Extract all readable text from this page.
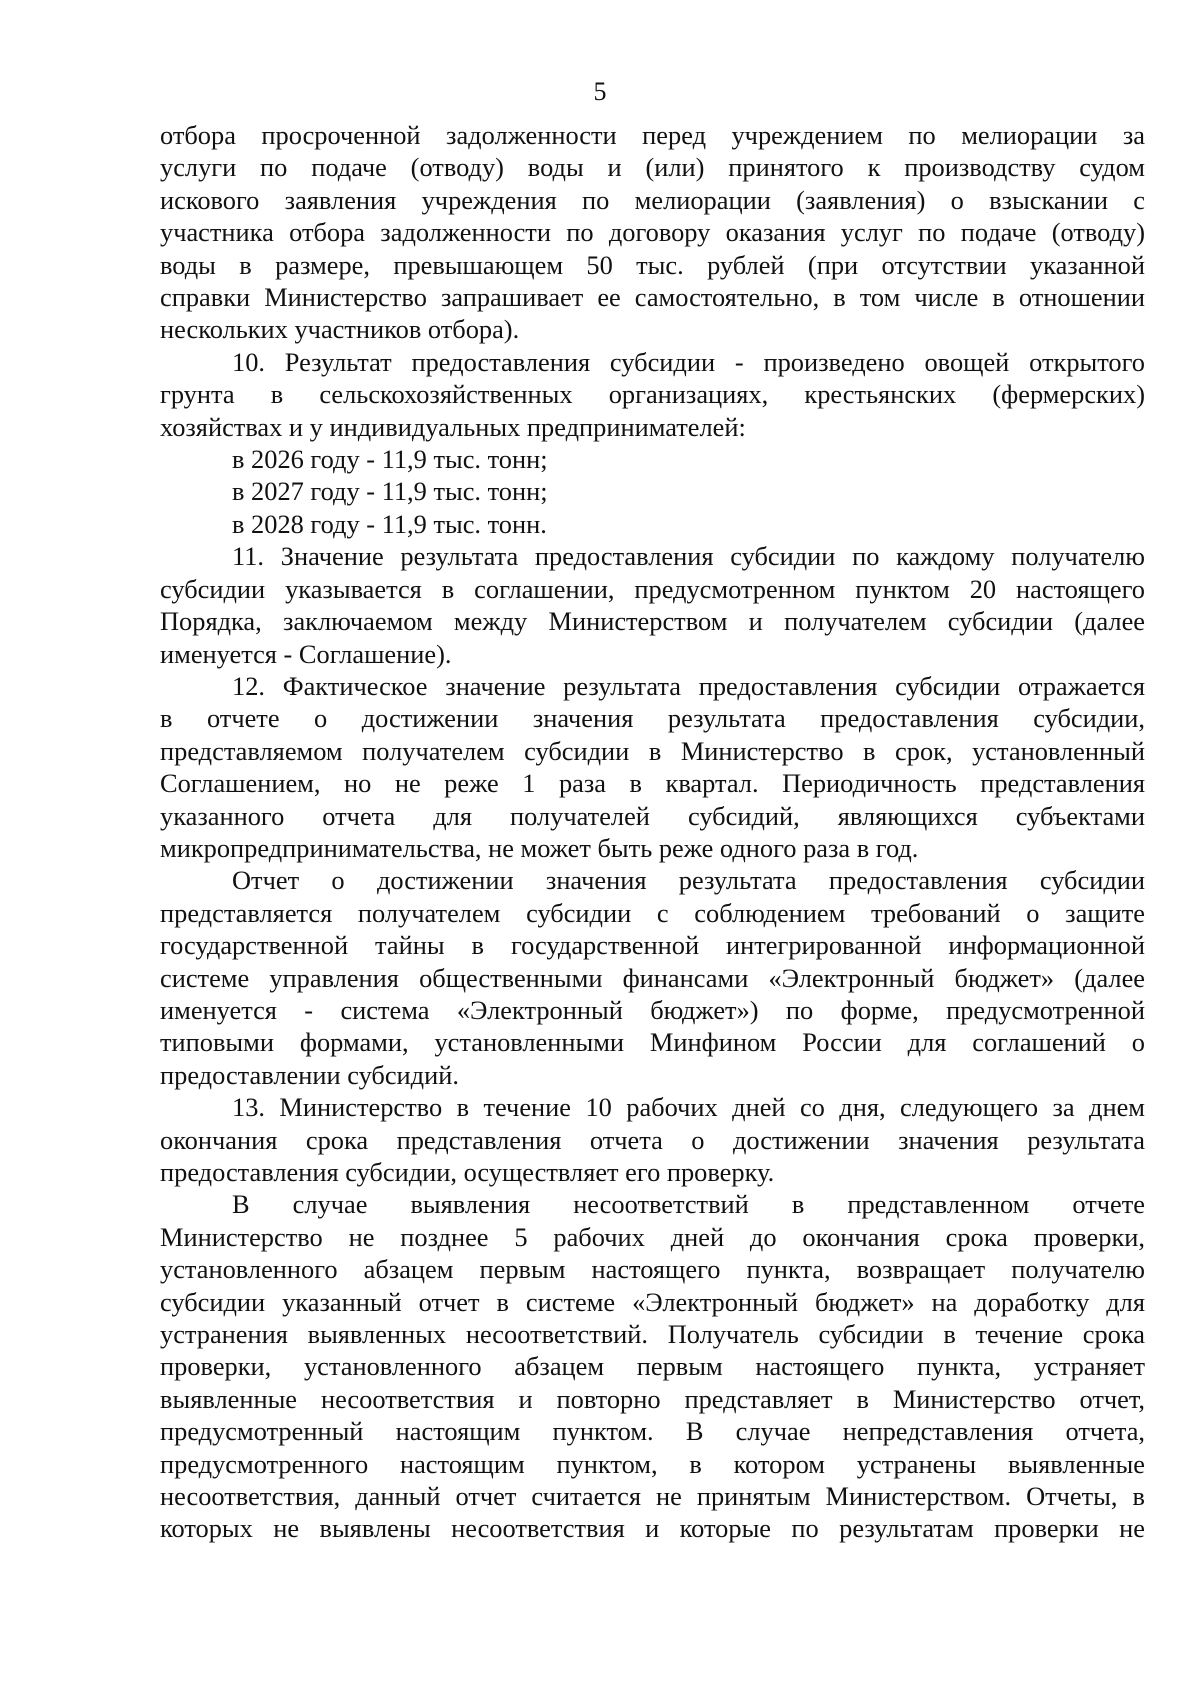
5
отбора просроченной задолженности перед учреждением по мелиорации за
услуги по подаче (отводу) воды и (или) принятого к производству судом
искового заявления учреждения по мелиорации (заявления) о взыскании с
участника отбора задолженности по договору оказания услуг по подаче (отводу)
воды в размере, превышающем 50 тыс. рублей (при отсутствии указанной
справки Министерство запрашивает ее самостоятельно, в том числе в отношении
нескольких участников отбора).
10. Результат предоставления субсидии - произведено овощей открытого
грунта в сельскохозяйственных организациях, крестьянских (фермерских)
хозяйствах и у индивидуальных предпринимателей:
в 2026 году - 11,9 тыс. тонн;
в 2027 году - 11,9 тыс. тонн;
в 2028 году - 11,9 тыс. тонн.
11. Значение результата предоставления субсидии по каждому получателю
субсидии указывается в соглашении, предусмотренном пунктом 20 настоящего
Порядка, заключаемом между Министерством и получателем субсидии (далее
именуется - Соглашение).
12. Фактическое значение результата предоставления субсидии отражается
в отчете о достижении значения результата предоставления субсидии,
представляемом получателем субсидии в Министерство в срок, установленный
Соглашением, но не реже 1 раза в квартал. Периодичность представления
указанного отчета для получателей субсидий, являющихся субъектами
микропредпринимательства, не может быть реже одного раза в год.
Отчет о достижении значения результата предоставления субсидии
представляется получателем субсидии с соблюдением требований о защите
государственной тайны в государственной интегрированной информационной
системе управления общественными финансами «Электронный бюджет» (далее
именуется - система «Электронный бюджет») по форме, предусмотренной
типовыми формами, установленными Минфином России для соглашений о
предоставлении субсидий.
13. Министерство в течение 10 рабочих дней со дня, следующего за днем
окончания срока представления отчета о достижении значения результата
предоставления субсидии, осуществляет его проверку.
В случае выявления несоответствий в представленном отчете
Министерство не позднее 5 рабочих дней до окончания срока проверки,
установленного абзацем первым настоящего пункта, возвращает получателю
субсидии указанный отчет в системе «Электронный бюджет» на доработку для
устранения выявленных несоответствий. Получатель субсидии в течение срока
проверки, установленного абзацем первым настоящего пункта, устраняет
выявленные несоответствия и повторно представляет в Министерство отчет,
предусмотренный настоящим пунктом. В случае непредставления отчета,
предусмотренного настоящим пунктом, в котором устранены выявленные
несоответствия, данный отчет считается не принятым Министерством. Отчеты, в
которых не выявлены несоответствия и которые по результатам проверки не
